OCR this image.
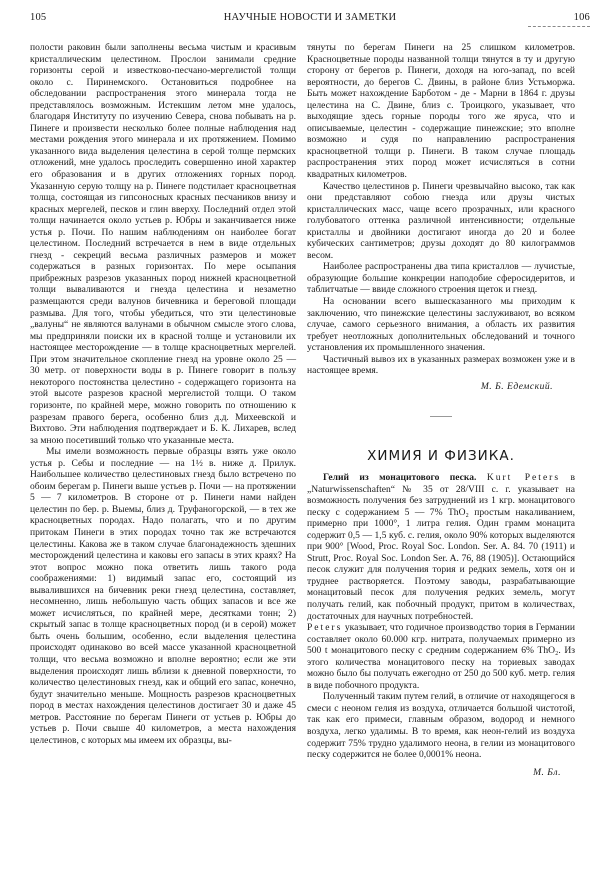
105	НАУЧНЫЕ НОВОСТИ И ЗАМЕТКИ	106

полости раковин были заполнены весьма чистым и красивым кристаллическим целестином. Прослои занимали средние горизонты серой и известково-песчано-мергелистой толщи около с. Пиринемского. Остановиться подробнее на обследовании распространения этого минерала тогда не представлялось возможным. Истекшим летом мне удалось, благодаря Институту по изучению Севера, снова побывать на р. Пинеге и произвести несколько более полные наблюдения над местами рождения этого минерала и их протяжением. Помимо указанного вида выделения целестина в серой толще пермских отложений, мне удалось проследить совершенно иной характер его образования и в других отложениях горных пород. Указанную серую толщу на р. Пинеге подстилает красноцветная толща, состоящая из гипсоносных красных песчаников внизу и красных мергелей, песков и глин вверху. Последний отдел этой толщи начинается около устьев р. Юбры и заканчивается ниже устья р. Почи. По нашим наблюдениям он наиболее богат целестином. Последний встречается в нем в виде отдельных гнезд - секреций весьма различных размеров и может содержаться в разных горизонтах. По мере осыпания прибрежных разрезов указанных пород нижней красноцветной толщи вываливаются и гнезда целестина и незаметно размещаются среди валунов бичевника и береговой площади размыва. Для того, чтобы убедиться, что эти целестиновые „валуны“ не являются валунами в обычном смысле этого слова, мы предприняли поиски их в красной толще и установили их настоящее месторождение — в толще красноцветных мергелей. При этом значительное скопление гнезд на уровне около 25 — 30 метр. от поверхности воды в р. Пинеге говорит в пользу некоторого постоянства целестино - содержащего горизонта на этой высоте разрезов красной мергелистой толщи. О таком горизонте, по крайней мере, можно говорить по отношению к разрезам правого берега, особенно близ д.д. Михеевской и Вихтово. Эти наблюдения подтверждает и Б. К. Лихарев, вслед за мною посетивший только что указанные места.

Мы имели возможность первые образцы взять уже около устья р. Себы и последние — на 1½ в. ниже д. Прилук. Наибольшее количество целестиновых гнезд было встречено по обоим берегам р. Пинеги выше устьев р. Почи — на протяжении 5 — 7 километров. В стороне от р. Пинеги нами найден целестин по бер. р. Выемы, близ д. Труфаногорской, — в тех же красноцветных породах. Надо полагать, что и по другим притокам Пинеги в этих породах точно так же встречаются целестины. Какова же в таком случае благонадежность здешних месторождений целестина и каковы его запасы в этих краях? На этот вопрос можно пока ответить лишь такого рода соображениями: 1) видимый запас его, состоящий из вывалившихся на бичевник реки гнезд целестина, составляет, несомненно, лишь небольшую часть общих запасов и все же может исчисляться, по крайней мере, десятками тонн; 2) скрытый запас в толще красноцветных пород (и в серой) может быть очень большим, особенно, если выделения целестина происходят одинаково во всей массе указанной красноцветной толщи, что весьма возможно и вполне вероятно; если же эти выделения происходят лишь вблизи к дневной поверхности, то количество целестиновых гнезд, как и общий его запас, конечно, будут значительно меньше. Мощность разрезов красноцветных пород в местах нахождения целестинов достигает 30 и даже 45 метров. Расстояние по берегам Пинеги от устьев р. Юбры до устьев р. Почи свыше 40 километров, а места нахождения целестинов, с которых мы имеем их образцы, вы-

тянуты по берегам Пинеги на 25 слишком километров. Красноцветные породы названной толщи тянутся в ту и другую сторону от берегов р. Пинеги, доходя на юго-запад, по всей вероятности, до берегов С. Двины, в районе близ Устьморжа. Быть может нахождение Барботом - де - Марни в 1864 г. друзы целестина на С. Двине, близ с. Троицкого, указывает, что выходящие здесь горные породы того же яруса, что и описываемые, целестин - содержащие пинежские; это вполне возможно и судя по направлению распространения красноцветной толщи р. Пинеги. В таком случае площадь распространения этих пород может исчисляться в сотни квадратных километров.

Качество целестинов р. Пинеги чрезвычайно высоко, так как они представляют собою гнезда или друзы чистых кристаллических масс, чаще всего прозрачных, или красного голубоватого оттенка различной интенсивности; отдельные кристаллы и двойники достигают иногда до 20 и более кубических сантиметров; друзы доходят до 80 килограммов весом.

Наиболее распространены два типа кристаллов — лучистые, образующие большие конкреции наподобие сферосидеритов, и таблитчатые — ввиде сложного строения щеток и гнезд.

На основании всего вышесказанного мы приходим к заключению, что пинежские целестины заслуживают, во всяком случае, самого серьезного внимания, а область их развития требует неотложных дополнительных обследований и точного установления их промышленного значения.

Частичный вывоз их в указанных размерах возможен уже и в настоящее время.

М. Б. Едемский.
ХИМИЯ И ФИЗИКА.

Гелий из монацитового песка. Kurt Peters в „Naturwissenschaften“ № 35 от 28/VIII с. г. указывает на возможность получения без затруднений из 1 кгр. монацитового песку с содержанием 5 — 7% ThO₂ простым накаливанием, примерно при 1000°, 1 литра гелия. Один грамм монацита содержит 0,5 — 1,5 куб. с. гелия, около 90% которых выделяются при 900° [Wood, Proc. Royal Soc. London. Ser. A. 84. 70 (1911) и Strutt, Proc. Royal Soc. London Ser. A. 76, 88 (1905)]. Остающийся песок служит для получения тория и редких земель, хотя он и труднее растворяется. Поэтому заводы, разрабатывающие монацитовый песок для получения редких земель, могут получать гелий, как побочный продукт, притом в количествах, достаточных для научных потребностей.

Peters указывает, что годичное производство тория в Германии составляет около 60.000 кгр. нитрата, получаемых примерно из 500 t монацитового песку с средним содержанием 6% ThO₂. Из этого количества монацитового песку на ториевых заводах можно было бы получать ежегодно от 250 до 500 куб. метр. гелия в виде побочного продукта.

Полученный таким путем гелий, в отличие от находящегося в смеси с неоном гелия из воздуха, отличается большой чистотой, так как его примеси, главным образом, водород и немного воздуха, легко удалимы. В то время, как неон-гелий из воздуха содержит 75% трудно удалимого неона, в гелии из монацитового песку содержится не более 0,0001% неона.

М. Бл.
